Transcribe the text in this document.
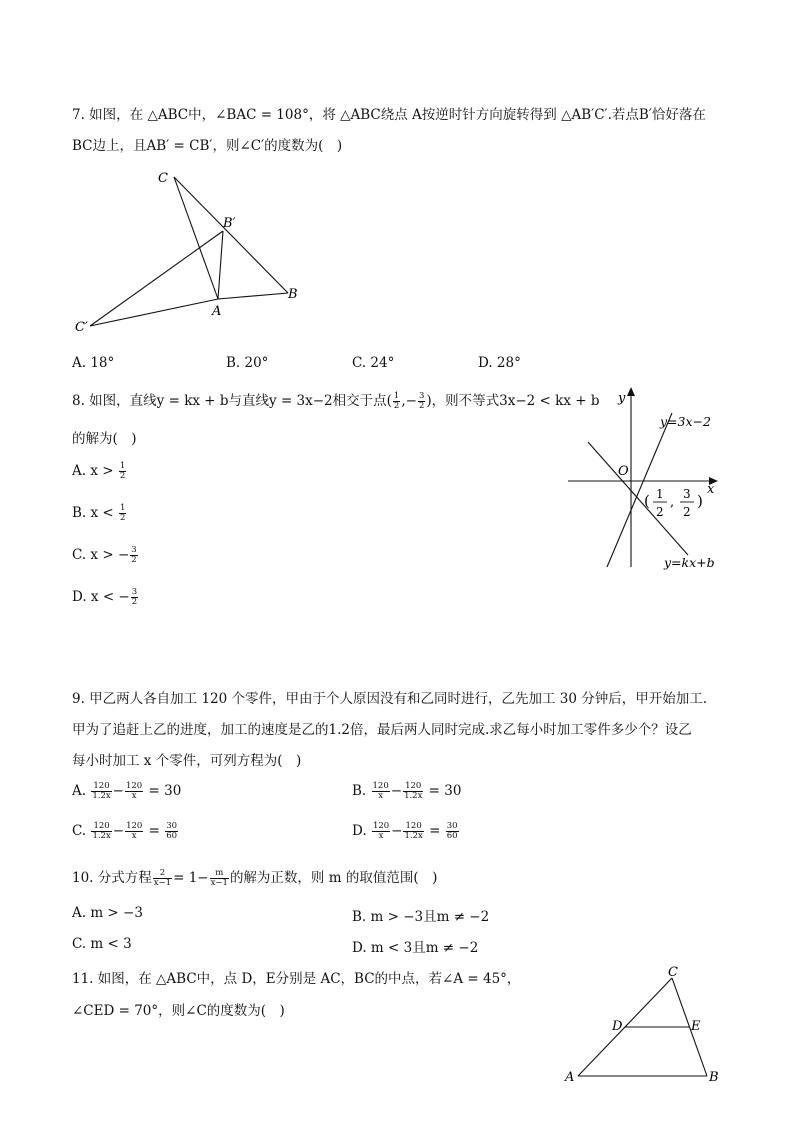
7. 如图，在 △ABC中，∠BAC = 108°，将 △ABC绕点 A按逆时针方向旋转得到 △AB′C′.若点B′恰好落在
BC边上，且AB′ = CB′，则∠C′的度数为(　)
C
B′
B
A
C′
A. 18°	B. 20°	C. 24°	D. 28°
8. 如图，直线y = kx + b与直线y = 3x−2相交于点( $\frac{1}{2}$ ,− $\frac{3}{2}$ )，则不等式3x−2 < kx + b
的解为(　)
A. $x > \frac{1}{2}$
B. $x < \frac{1}{2}$
C. x > − $\frac{3}{2}$
D. x < − $\frac{3}{2}$
y
x
O
y=3x−2
y=kx+b
( 1
2
,
3
2
)
9. 甲乙两人各自加工 120 个零件，甲由于个人原因没有和乙同时进行，乙先加工 30 分钟后，甲开始加工.
甲为了追赶上乙的进度，加工的速度是乙的1.2倍，最后两人同时完成.求乙每小时加工零件多少个？设乙
每小时加工 x 个零件，可列方程为(　)
A. $\frac{120}{1.2x} - \frac{120}{x} = 30$	B. $\frac{120}{x} - \frac{120}{1.2x} = 30$
C. $\frac{120}{1.2x} - \frac{120}{x} = \frac{30}{60}$	D. $\frac{120}{x} - \frac{120}{1.2x} = \frac{30}{60}$
10. 分式方程 $\frac{2}{x-1} = 1- \frac{m}{x-1}$ 的解为正数，则 m 的取值范围(　)
A. m > −3	B. m > −3且m ≠ −2
C. m < 3	D. m < 3且m ≠ −2
11. 如图，在 △ABC中，点 D，E分别是 AC，BC的中点，若∠A = 45°，
∠CED = 70°，则∠C的度数为(　)
C
D	E
A	B
